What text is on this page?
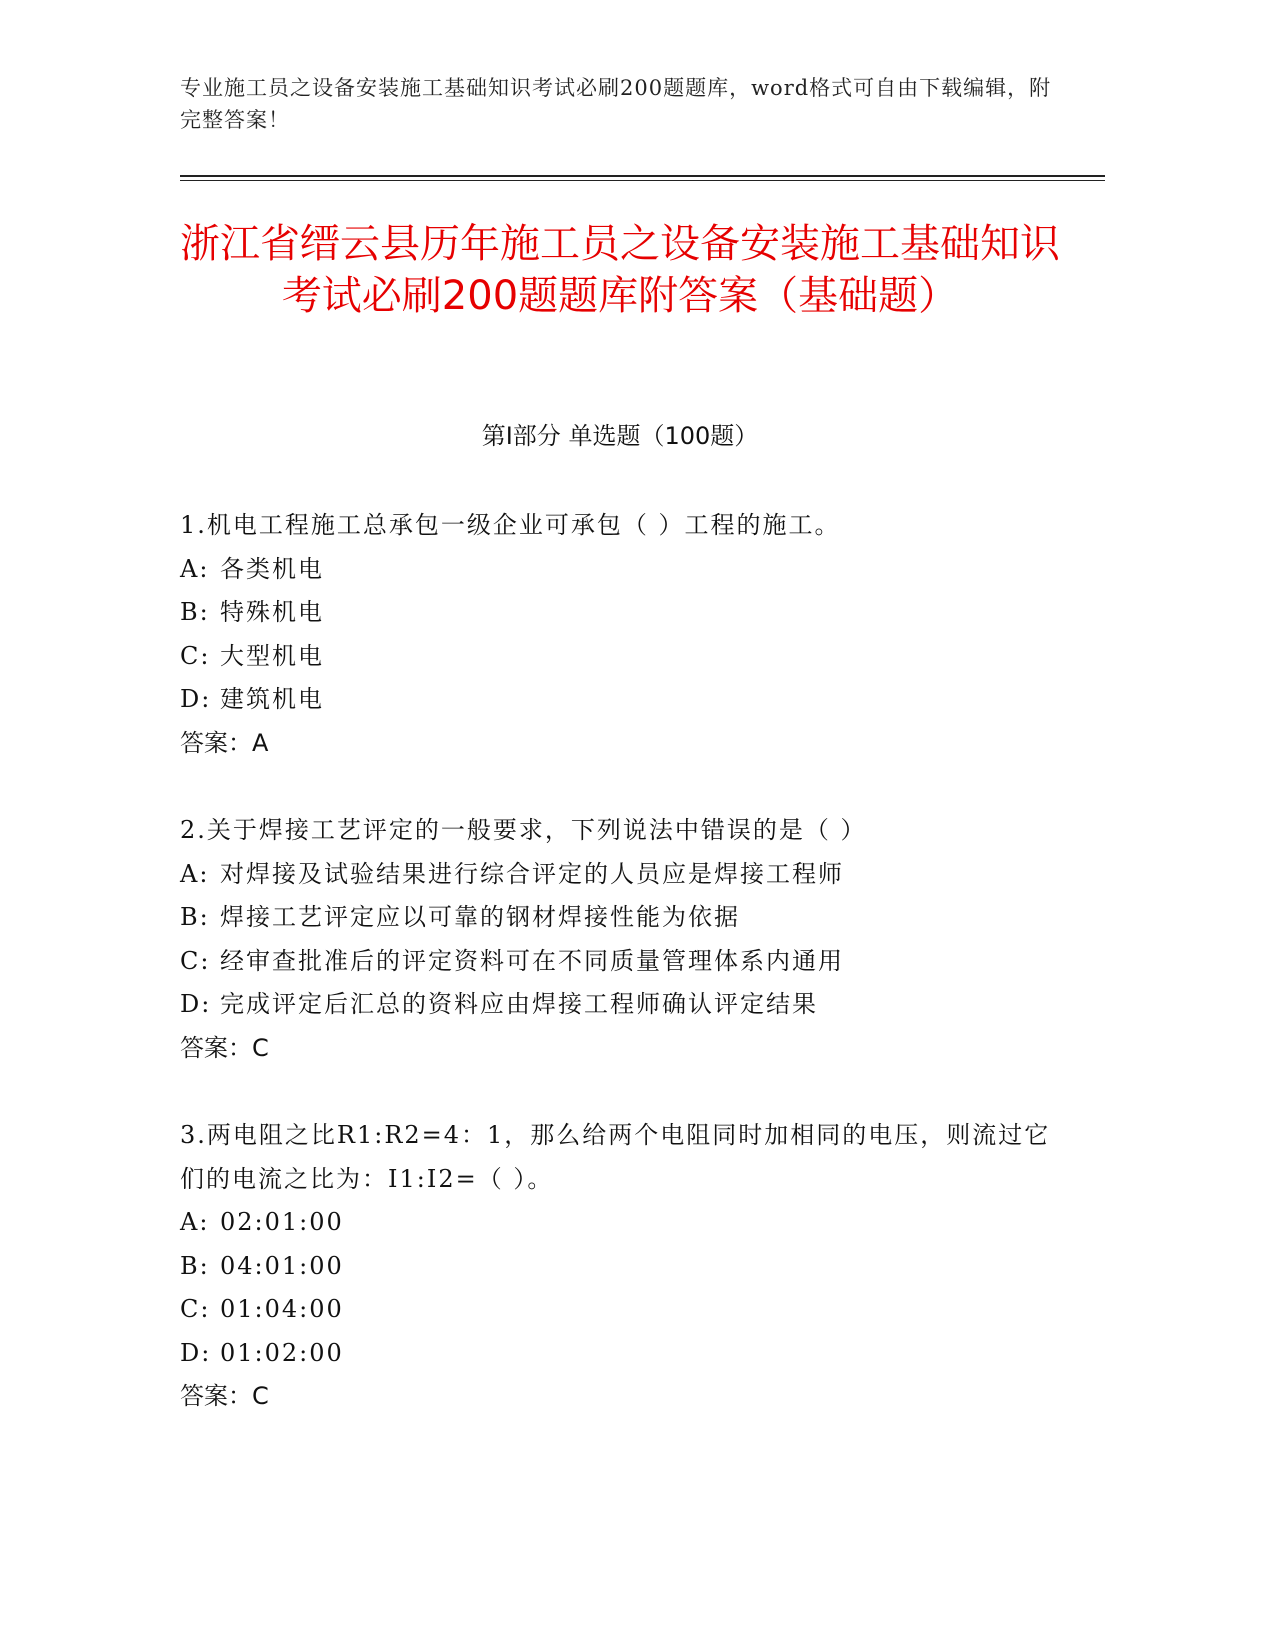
专业施工员之设备安装施工基础知识考试必刷200题题库，word格式可自由下载编辑，附完整答案！
浙江省缙云县历年施工员之设备安装施工基础知识考试必刷200题题库附答案（基础题）
第Ⅰ部分 单选题（100题）

1.机电工程施工总承包一级企业可承包（ ）工程的施工。

A: 各类机电

B: 特殊机电

C: 大型机电

D: 建筑机电

答案：A

2.关于焊接工艺评定的一般要求，下列说法中错误的是（ ）

A: 对焊接及试验结果进行综合评定的人员应是焊接工程师

B: 焊接工艺评定应以可靠的钢材焊接性能为依据

C: 经审查批准后的评定资料可在不同质量管理体系内通用

D: 完成评定后汇总的资料应由焊接工程师确认评定结果

答案：C

3.两电阻之比R1:R2=4：1，那么给两个电阻同时加相同的电压，则流过它们的电流之比为：I1:I2=（ ）。

A: 02:01:00

B: 04:01:00

C: 01:04:00

D: 01:02:00

答案：C
